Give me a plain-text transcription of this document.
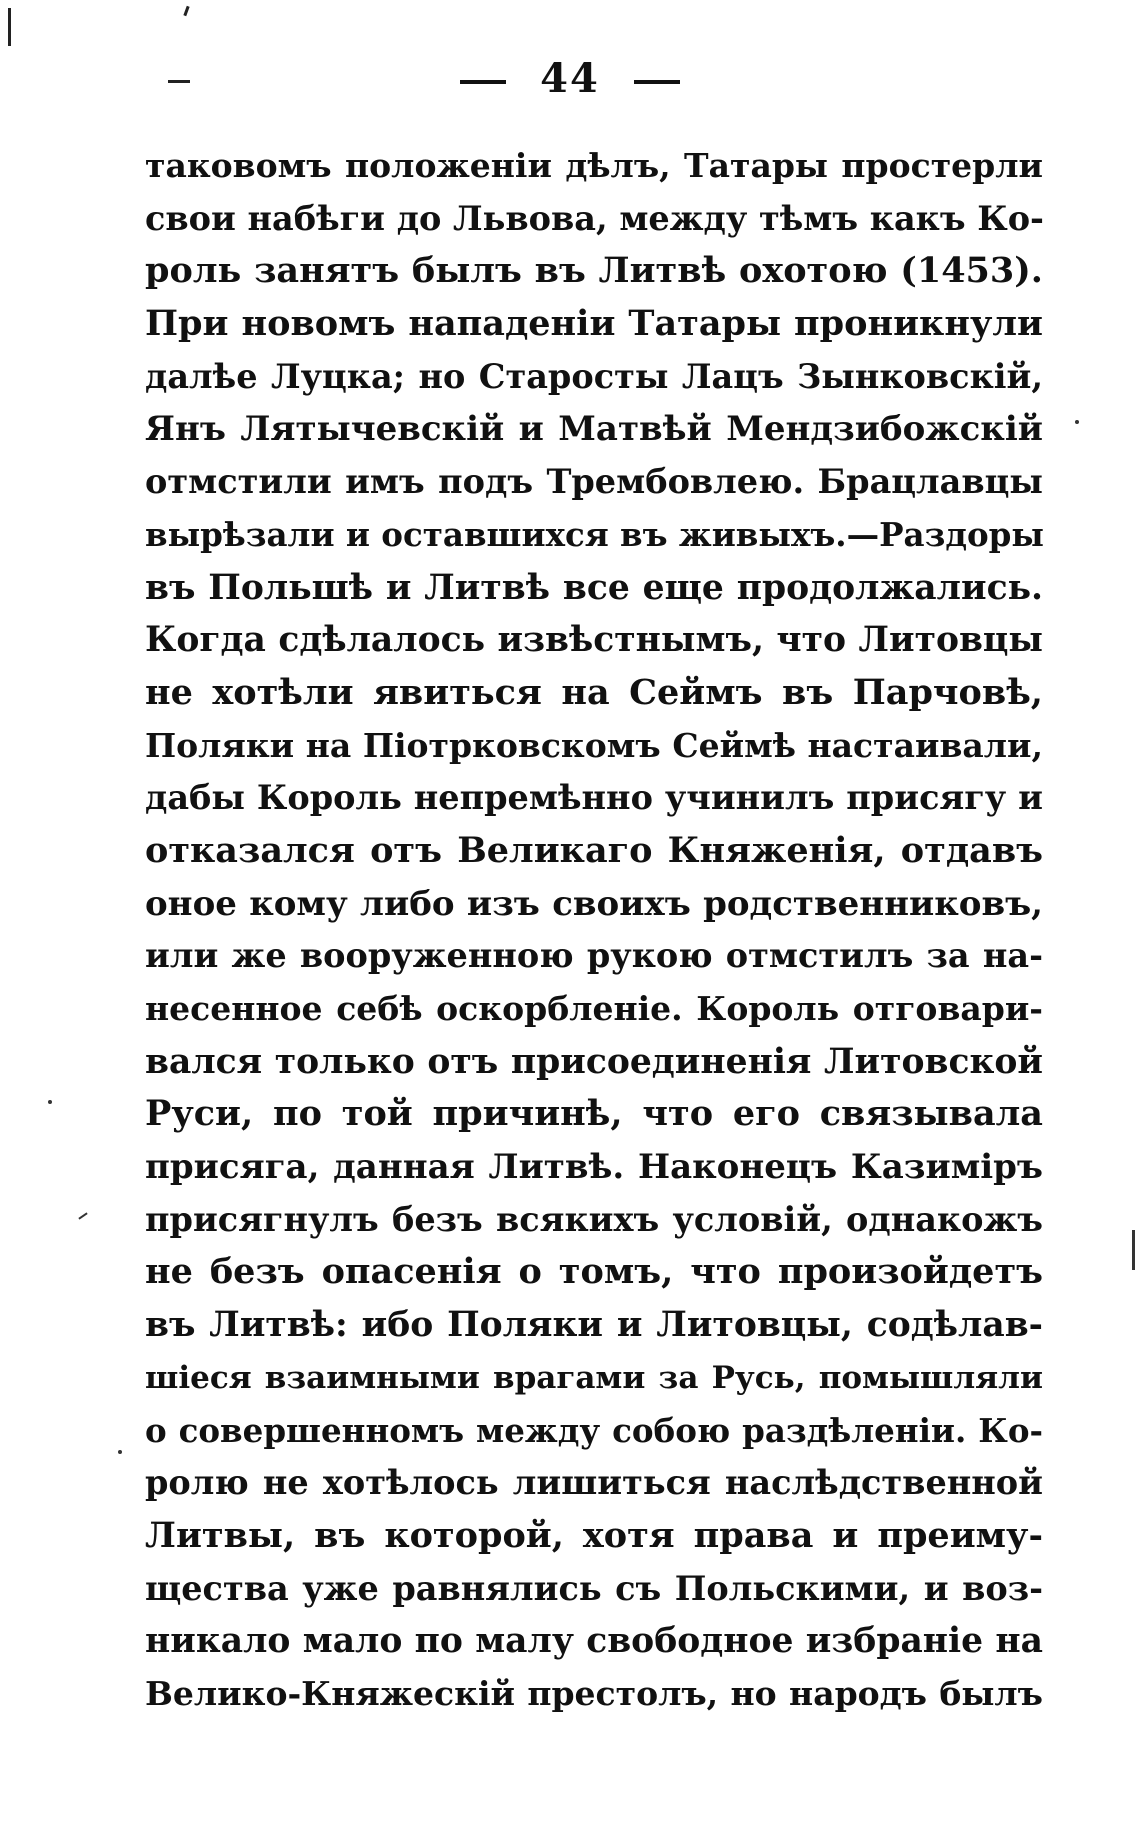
44
таковомъ положеніи дѣлъ, Татары простерли
свои набѣги до Львова, между тѣмъ какъ Ко-
роль занятъ былъ въ Литвѣ охотою (1453).
При новомъ нападеніи Татары проникнули
далѣе Луцка; но Старосты Лацъ Зынковскій,
Янъ Лятычевскій и Матвѣй Мендзибожскій
отмстили имъ подъ Трембовлею. Брацлавцы
вырѣзали и оставшихся въ живыхъ.—Раздоры
въ Польшѣ и Литвѣ все еще продолжались.
Когда сдѣлалось извѣстнымъ, что Литовцы
не хотѣли явиться на Сеймъ въ Парчовѣ,
Поляки на Піотрковскомъ Сеймѣ настаивали,
дабы Король непремѣнно учинилъ присягу и
отказался отъ Великаго Княженія, отдавъ
оное кому либо изъ своихъ родственниковъ,
или же вооруженною рукою отмстилъ за на-
несенное себѣ оскорбленіе. Король отговари-
вался только отъ присоединенія Литовской
Руси, по той причинѣ, что его связывала
присяга, данная Литвѣ. Наконецъ Казиміръ
присягнулъ безъ всякихъ условій, однакожъ
не безъ опасенія о томъ, что произойдетъ
въ Литвѣ: ибо Поляки и Литовцы, содѣлав-
шіеся взаимными врагами за Русь, помышляли
о совершенномъ между собою раздѣленіи. Ко-
ролю не хотѣлось лишиться наслѣдственной
Литвы, въ которой, хотя права и преиму-
щества уже равнялись съ Польскими, и воз-
никало мало по малу свободное избраніе на
Велико-Княжескій престолъ, но народъ былъ
